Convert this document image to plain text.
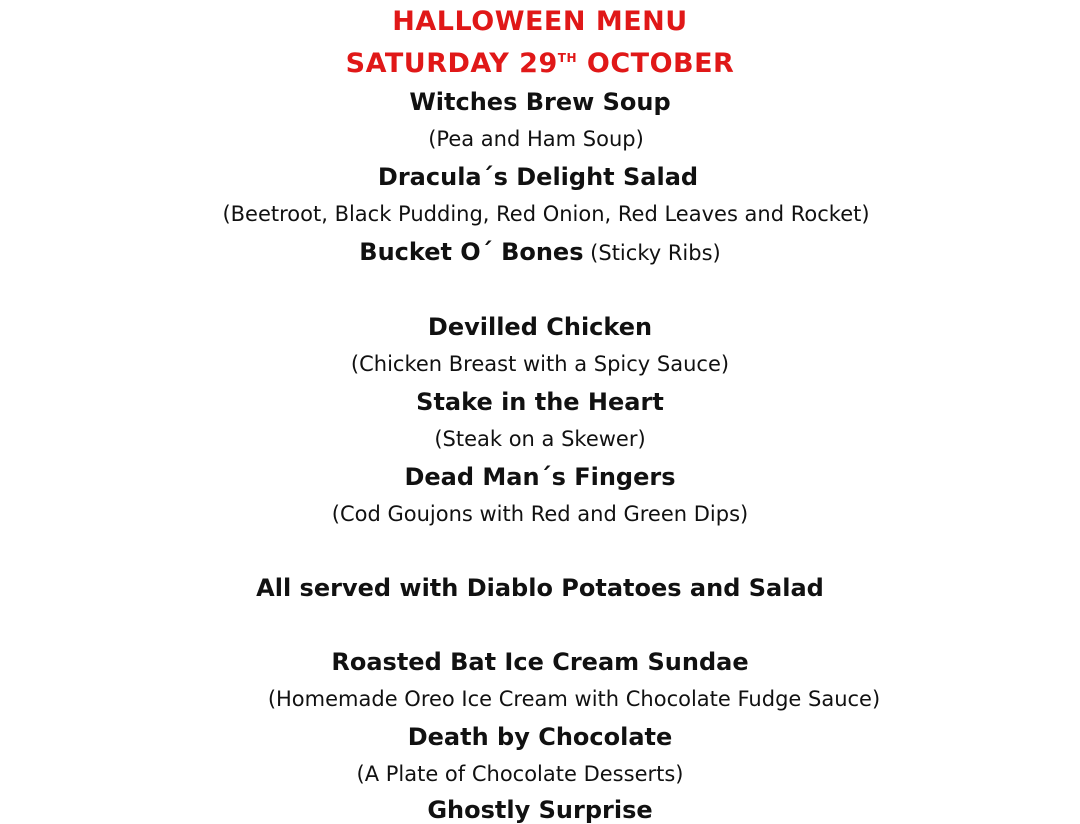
HALLOWEEN MENU
SATURDAY 29TH OCTOBER
Witches Brew Soup
(Pea and Ham Soup)
Dracula´s Delight Salad
(Beetroot, Black Pudding, Red Onion, Red Leaves and Rocket)
Bucket O´ Bones (Sticky Ribs)
Devilled Chicken
(Chicken Breast with a Spicy Sauce)
Stake in the Heart
(Steak on a Skewer)
Dead Man´s Fingers
(Cod Goujons with Red and Green Dips)
All served with Diablo Potatoes and Salad
Roasted Bat Ice Cream Sundae
(Homemade Oreo Ice Cream with Chocolate Fudge Sauce)
Death by Chocolate
(A Plate of Chocolate Desserts)
Ghostly Surprise
